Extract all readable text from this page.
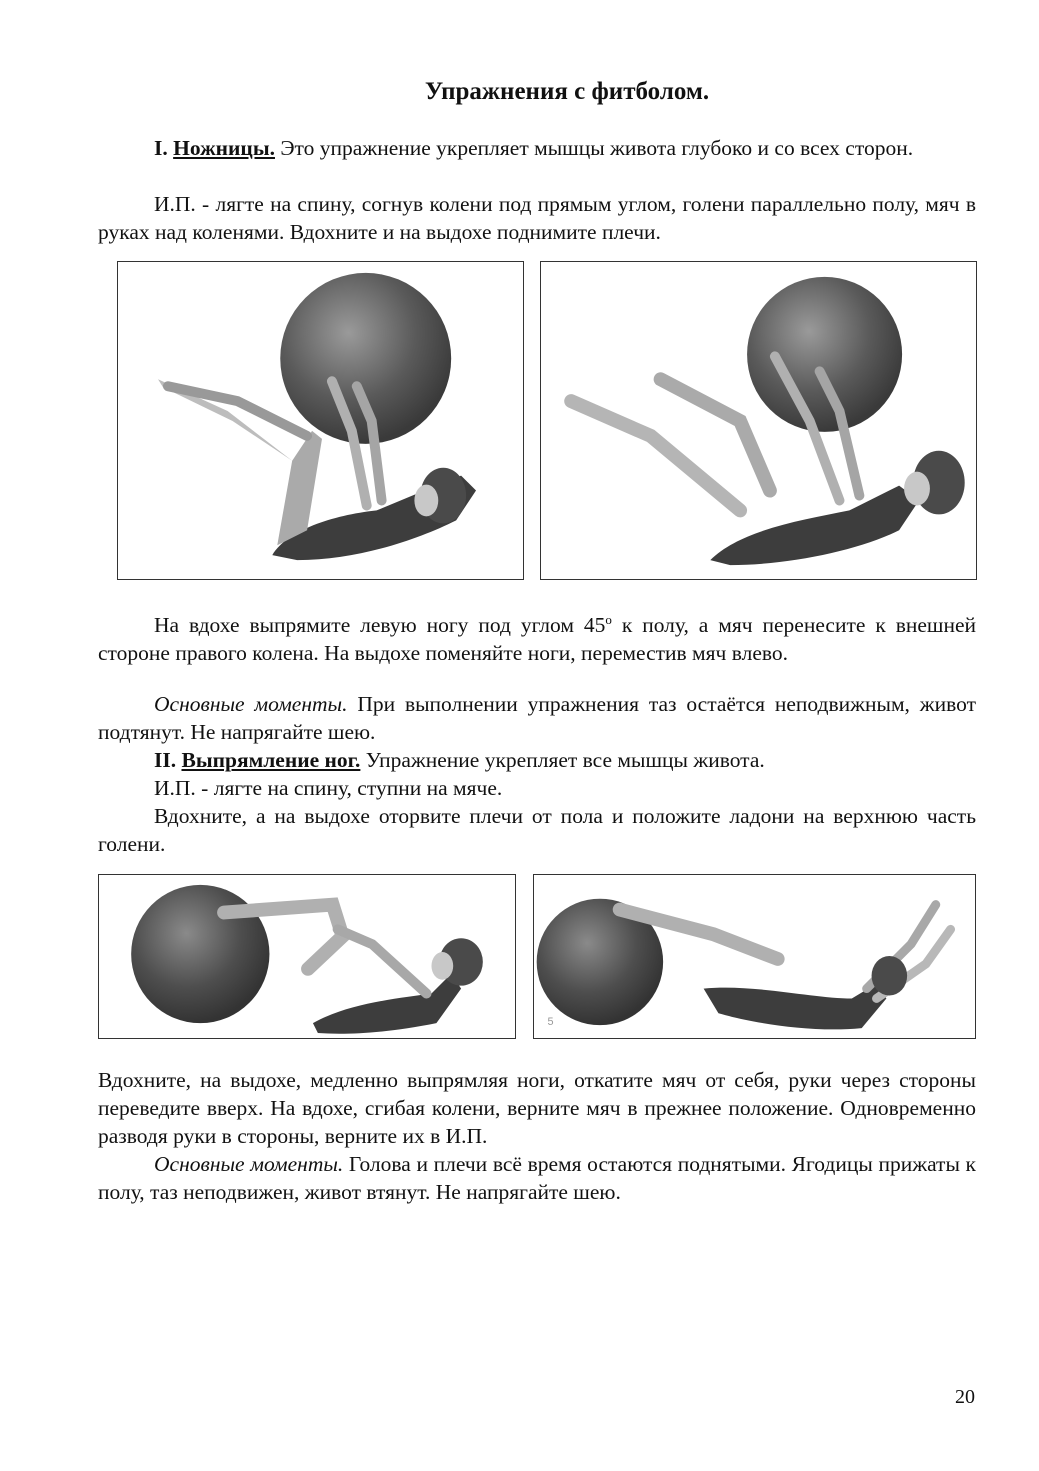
Упражнения с фитболом.

I. Ножницы. Это упражнение укрепляет мышцы живота глубоко и со всех сторон.

И.П. - лягте на спину, согнув колени под прямым углом, голени параллельно полу, мяч в руках над коленями. Вдохните и на выдохе поднимите плечи.

На вдохе выпрямите левую ногу под углом $45^о$ к полу, а мяч перенесите к внешней стороне правого колена. На выдохе поменяйте ноги, переместив мяч влево.

Основные моменты. При выполнении упражнения таз остаётся неподвижным, живот подтянут. Не напрягайте шею.

II. Выпрямление ног. Упражнение укрепляет все мышцы живота.

И.П. - лягте на спину, ступни на мяче.

Вдохните, а на выдохе оторвите плечи от пола и положите ладони на верхнюю часть голени.

5

Вдохните, на выдохе, медленно выпрямляя ноги, откатите мяч от себя, руки через стороны переведите вверх. На вдохе, сгибая колени, верните мяч в прежнее положение. Одновременно разводя руки в стороны, верните их в И.П.

Основные моменты. Голова и плечи всё время остаются поднятыми. Ягодицы прижаты к полу, таз неподвижен, живот втянут. Не напрягайте шею.

20
